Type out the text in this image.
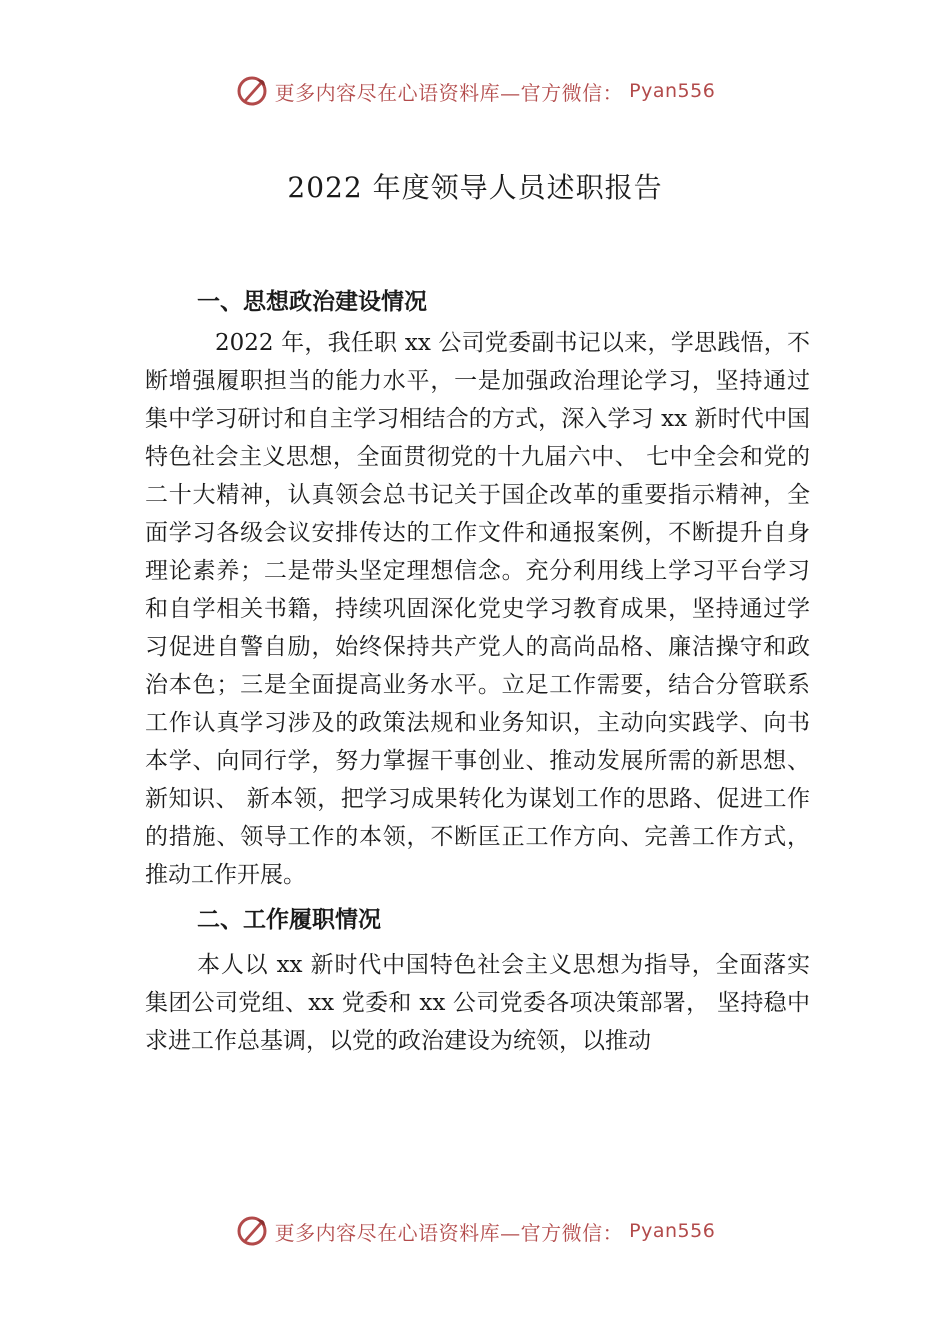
更多内容尽在心语资料库—官方微信： Pyan556
2022 年度领导人员述职报告
一、思想政治建设情况

2022 年，我任职 xx 公司党委副书记以来，学思践悟，不断增强履职担当的能力水平，一是加强政治理论学习，坚持通过集中学习研讨和自主学习相结合的方式，深入学习 xx 新时代中国特色社会主义思想，全面贯彻党的十九届六中、 七中全会和党的二十大精神，认真领会总书记关于国企改革的重要指示精神，全面学习各级会议安排传达的工作文件和通报案例，不断提升自身理论素养；二是带头坚定理想信念。充分利用线上学习平台学习和自学相关书籍，持续巩固深化党史学习教育成果，坚持通过学习促进自警自励，始终保持共产党人的高尚品格、廉洁操守和政治本色；三是全面提高业务水平。立足工作需要，结合分管联系工作认真学习涉及的政策法规和业务知识，主动向实践学、向书本学、向同行学，努力掌握干事创业、推动发展所需的新思想、新知识、 新本领，把学习成果转化为谋划工作的思路、促进工作的措施、领导工作的本领，不断匡正工作方向、完善工作方式， 推动工作开展。

二、工作履职情况

本人以 xx 新时代中国特色社会主义思想为指导，全面落实集团公司党组、xx 党委和 xx 公司党委各项决策部署， 坚持稳中求进工作总基调，以党的政治建设为统领，以推动

更多内容尽在心语资料库—官方微信： Pyan556
